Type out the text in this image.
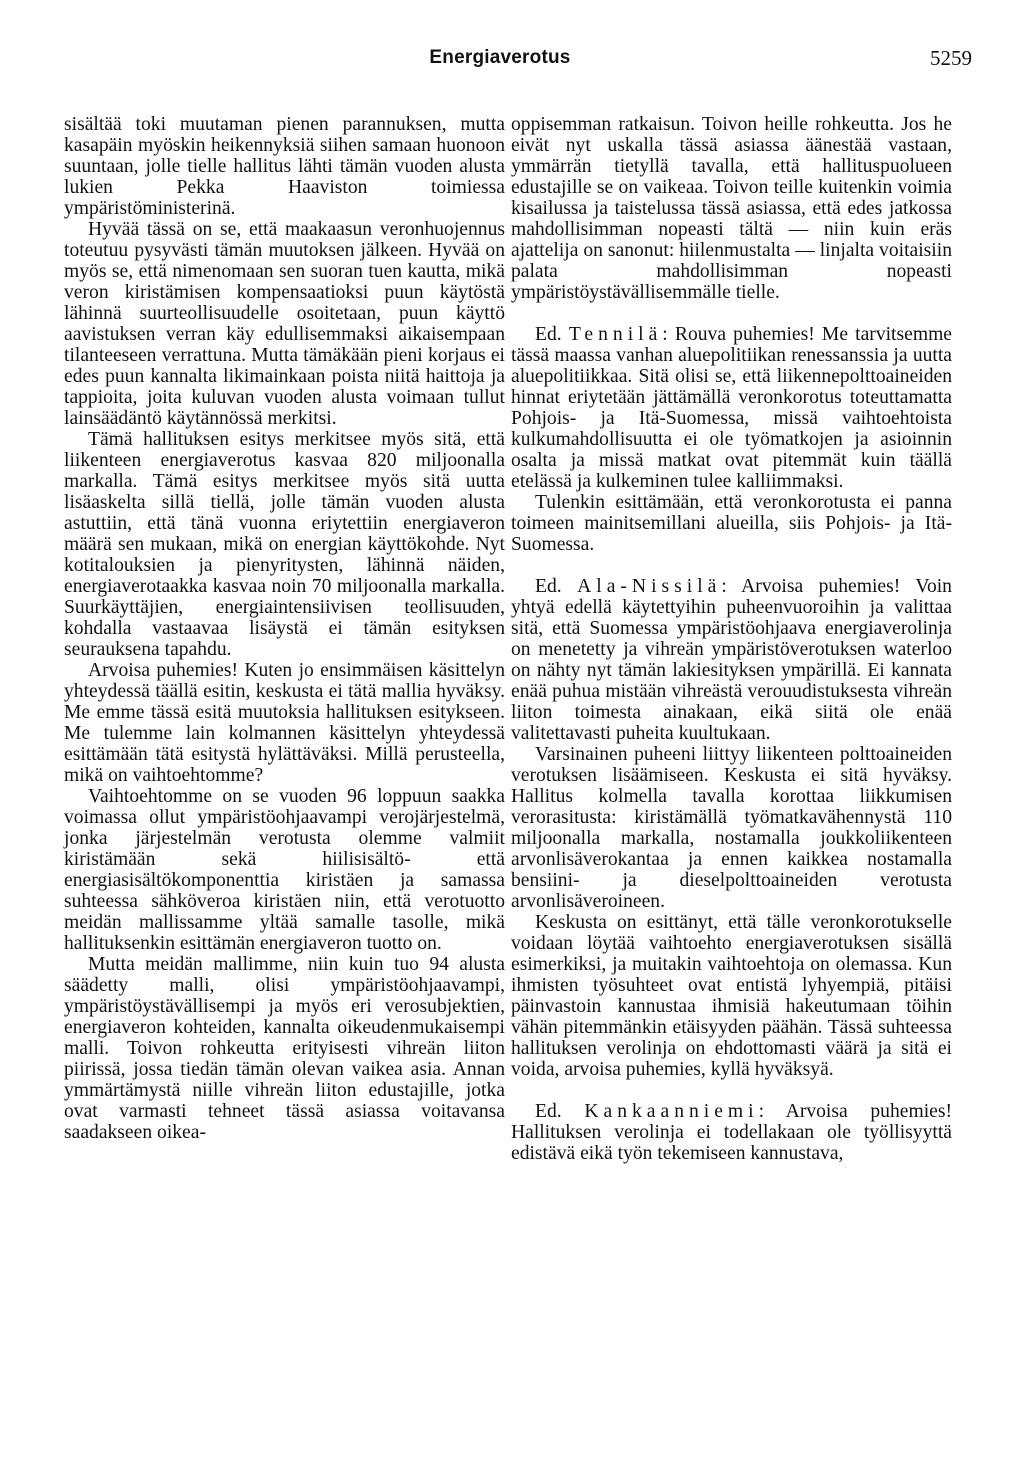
Energiaverotus	5259

sisältää toki muutaman pienen parannuksen, mutta kasapäin myöskin heikennyksiä siihen samaan huonoon suuntaan, jolle tielle hallitus lähti tämän vuoden alusta lukien Pekka Haaviston toimiessa ympäristöministerinä.

Hyvää tässä on se, että maakaasun veronhuojennus toteutuu pysyvästi tämän muutoksen jälkeen. Hyvää on myös se, että nimenomaan sen suoran tuen kautta, mikä veron kiristämisen kompensaatioksi puun käytöstä lähinnä suurteollisuudelle osoitetaan, puun käyttö aavistuksen verran käy edullisemmaksi aikaisempaan tilanteeseen verrattuna. Mutta tämäkään pieni korjaus ei edes puun kannalta likimainkaan poista niitä haittoja ja tappioita, joita kuluvan vuoden alusta voimaan tullut lainsäädäntö käytännössä merkitsi.

Tämä hallituksen esitys merkitsee myös sitä, että liikenteen energiaverotus kasvaa 820 miljoonalla markalla. Tämä esitys merkitsee myös sitä uutta lisäaskelta sillä tiellä, jolle tämän vuoden alusta astuttiin, että tänä vuonna eriytettiin energiaveron määrä sen mukaan, mikä on energian käyttökohde. Nyt kotitalouksien ja pienyritysten, lähinnä näiden, energiaverotaakka kasvaa noin 70 miljoonalla markalla. Suurkäyttäjien, energiaintensiivisen teollisuuden, kohdalla vastaavaa lisäystä ei tämän esityksen seurauksena tapahdu.

Arvoisa puhemies! Kuten jo ensimmäisen käsittelyn yhteydessä täällä esitin, keskusta ei tätä mallia hyväksy. Me emme tässä esitä muutoksia hallituksen esitykseen. Me tulemme lain kolmannen käsittelyn yhteydessä esittämään tätä esitystä hylättäväksi. Millä perusteella, mikä on vaihtoehtomme?

Vaihtoehtomme on se vuoden 96 loppuun saakka voimassa ollut ympäristöohjaavampi verojärjestelmä, jonka järjestelmän verotusta olemme valmiit kiristämään sekä hiilisisältö- että energiasisältökomponenttia kiristäen ja samassa suhteessa sähköveroa kiristäen niin, että verotuotto meidän mallissamme yltää samalle tasolle, mikä hallituksenkin esittämän energiaveron tuotto on.

Mutta meidän mallimme, niin kuin tuo 94 alusta säädetty malli, olisi ympäristöohjaavampi, ympäristöystävällisempi ja myös eri verosubjektien, energiaveron kohteiden, kannalta oikeudenmukaisempi malli. Toivon rohkeutta erityisesti vihreän liiton piirissä, jossa tiedän tämän olevan vaikea asia. Annan ymmärtämystä niille vihreän liiton edustajille, jotka ovat varmasti tehneet tässä asiassa voitavansa saadakseen oikea-

oppisemman ratkaisun. Toivon heille rohkeutta. Jos he eivät nyt uskalla tässä asiassa äänestää vastaan, ymmärrän tietyllä tavalla, että hallituspuolueen edustajille se on vaikeaa. Toivon teille kuitenkin voimia kisailussa ja taistelussa tässä asiassa, että edes jatkossa mahdollisimman nopeasti tältä — niin kuin eräs ajattelija on sanonut: hiilenmustalta — linjalta voitaisiin palata mahdollisimman nopeasti ympäristöystävällisemmälle tielle.

Ed. Tennilä: Rouva puhemies! Me tarvitsemme tässä maassa vanhan aluepolitiikan renessanssia ja uutta aluepolitiikkaa. Sitä olisi se, että liikennepolttoaineiden hinnat eriytetään jättämällä veronkorotus toteuttamatta Pohjois- ja Itä-Suomessa, missä vaihtoehtoista kulkumahdollisuutta ei ole työmatkojen ja asioinnin osalta ja missä matkat ovat pitemmät kuin täällä etelässä ja kulkeminen tulee kalliimmaksi.

Tulenkin esittämään, että veronkorotusta ei panna toimeen mainitsemillani alueilla, siis Pohjois- ja Itä-Suomessa.

Ed. Ala-Nissilä: Arvoisa puhemies! Voin yhtyä edellä käytettyihin puheenvuoroihin ja valittaa sitä, että Suomessa ympäristöohjaava energiaverolinja on menetetty ja vihreän ympäristöverotuksen waterloo on nähty nyt tämän lakiesityksen ympärillä. Ei kannata enää puhua mistään vihreästä verouudistuksesta vihreän liiton toimesta ainakaan, eikä siitä ole enää valitettavasti puheita kuultukaan.

Varsinainen puheeni liittyy liikenteen polttoaineiden verotuksen lisäämiseen. Keskusta ei sitä hyväksy. Hallitus kolmella tavalla korottaa liikkumisen verorasitusta: kiristämällä työmatkavähennystä 110 miljoonalla markalla, nostamalla joukkoliikenteen arvonlisäverokantaa ja ennen kaikkea nostamalla bensiini- ja dieselpolttoaineiden verotusta arvonlisäveroineen.

Keskusta on esittänyt, että tälle veronkorotukselle voidaan löytää vaihtoehto energiaverotuksen sisällä esimerkiksi, ja muitakin vaihtoehtoja on olemassa. Kun ihmisten työsuhteet ovat entistä lyhyempiä, pitäisi päinvastoin kannustaa ihmisiä hakeutumaan töihin vähän pitemmänkin etäisyyden päähän. Tässä suhteessa hallituksen verolinja on ehdottomasti väärä ja sitä ei voida, arvoisa puhemies, kyllä hyväksyä.

Ed. Kankaanniemi: Arvoisa puhemies! Hallituksen verolinja ei todellakaan ole työllisyyttä edistävä eikä työn tekemiseen kannustava,
